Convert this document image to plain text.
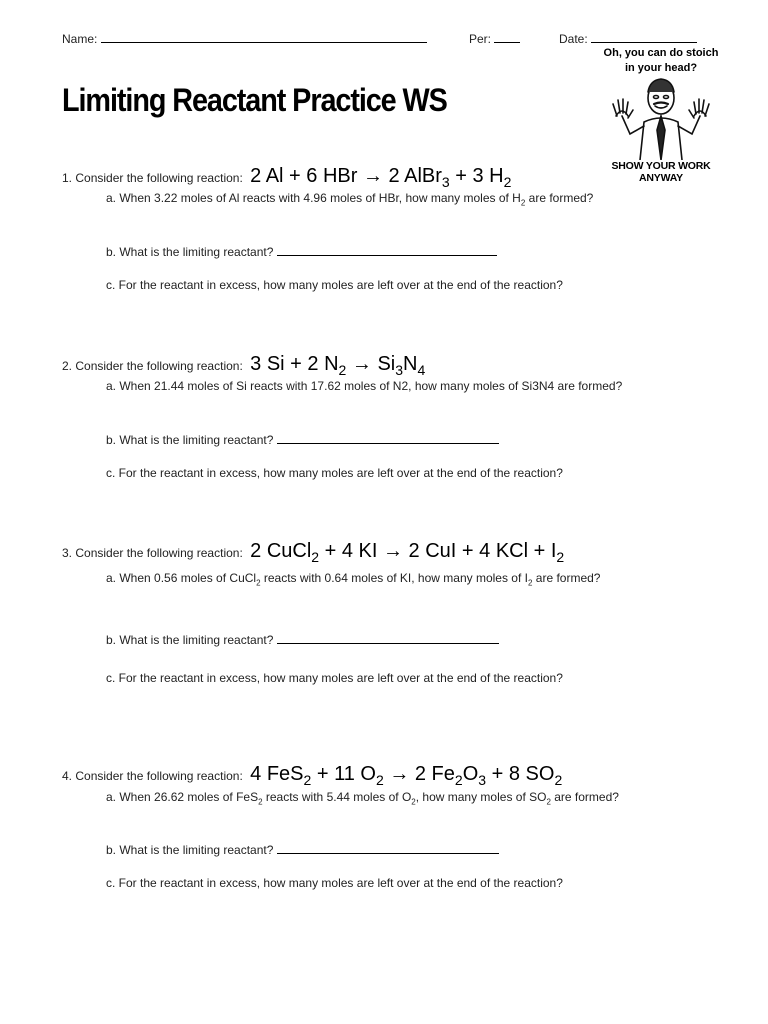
Name:	Per:	Date:
Limiting Reactant Practice WS
Oh, you can do stoich in your head?
SHOW YOUR WORK ANYWAY
1. Consider the following reaction: 2 Al + 6 HBr → 2 AlBr$_3$ + 3 $H_2$
a. When 3.22 moles of Al reacts with 4.96 moles of HBr, how many moles of $H_2$ are formed?
b. What is the limiting reactant?
c. For the reactant in excess, how many moles are left over at the end of the reaction?
2. Consider the following reaction: 3 Si + 2 $N_2 \to Si_3N_4$
a. When 21.44 moles of Si reacts with 17.62 moles of N2, how many moles of Si3N4 are formed?
b. What is the limiting reactant?
c. For the reactant in excess, how many moles are left over at the end of the reaction?
3. Consider the following reaction: 2 CuCl$_2$ + 4 KI → 2 CuI + 4 KCl + $I_2$
a. When 0.56 moles of CuCl$_2$ reacts with 0.64 moles of KI, how many moles of $I_2$ are formed?
b. What is the limiting reactant?
c. For the reactant in excess, how many moles are left over at the end of the reaction?
4. Consider the following reaction: 4 FeS$_2$ + 11 $O_2 \to 2$ $Fe_2O_3 + 8$ $SO_2$
a. When 26.62 moles of FeS$_2$ reacts with 5.44 moles of $O_2$, how many moles of $SO_2$ are formed?
b. What is the limiting reactant?
c. For the reactant in excess, how many moles are left over at the end of the reaction?
